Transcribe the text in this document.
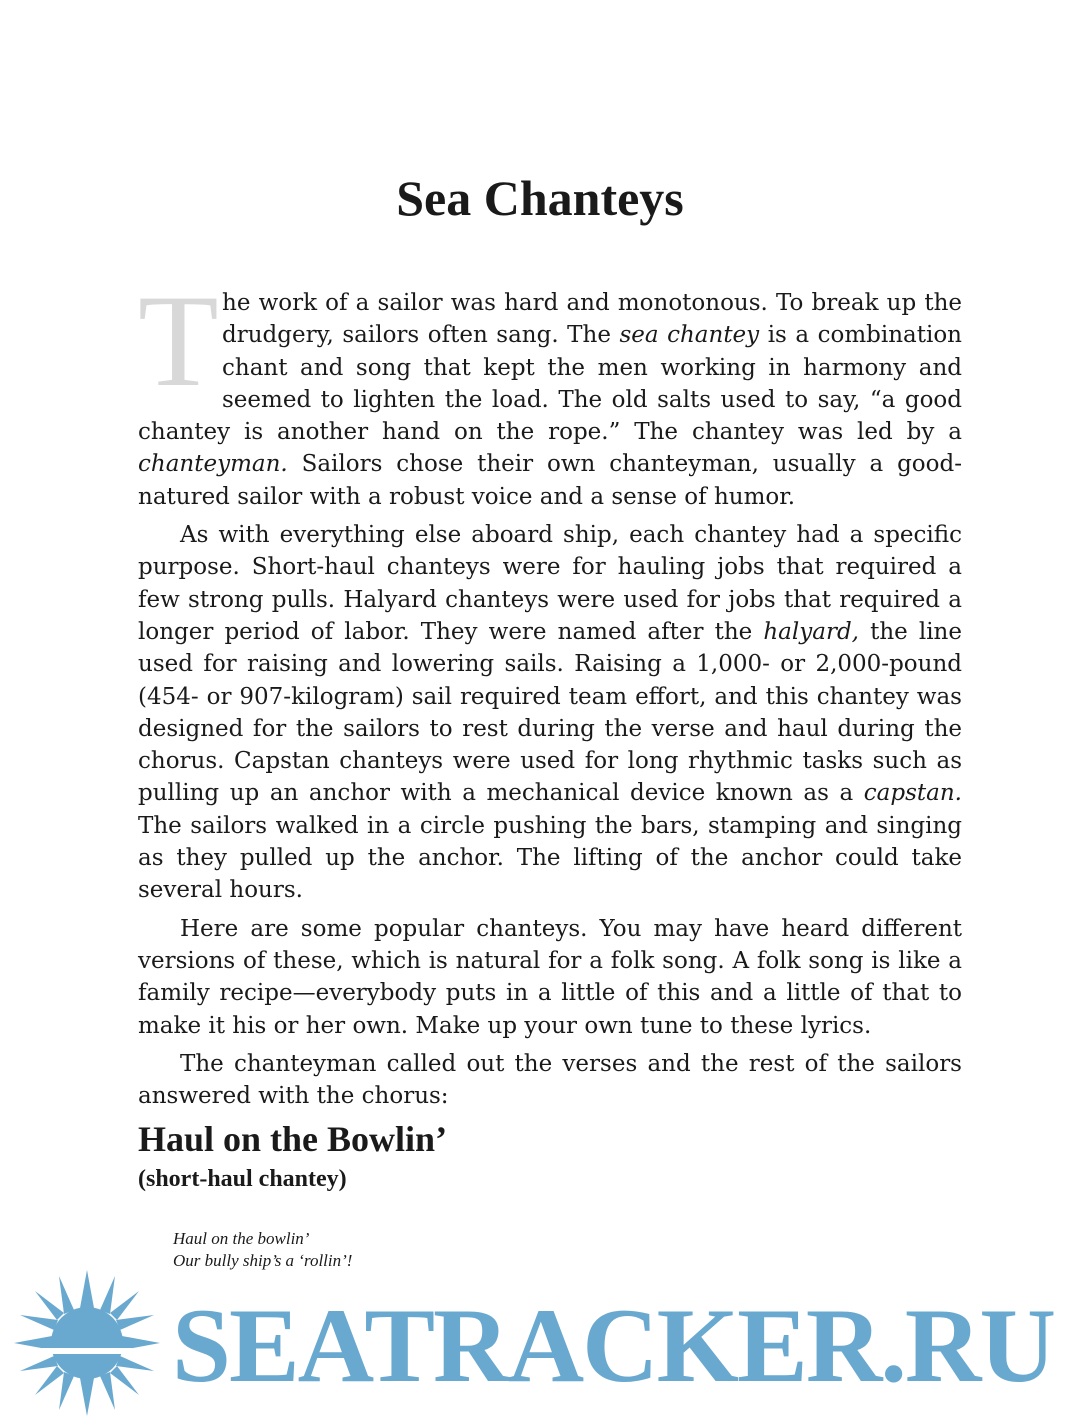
Sea Chanteys

The work of a sailor was hard and monotonous. To break up the drudgery, sailors often sang. The sea chantey is a combination chant and song that kept the men working in harmony and seemed to lighten the load. The old salts used to say, “a good chantey is another hand on the rope.” The chantey was led by a chanteyman. Sailors chose their own chanteyman, usually a good-natured sailor with a robust voice and a sense of humor.

As with everything else aboard ship, each chantey had a specific purpose. Short-haul chanteys were for hauling jobs that required a few strong pulls. Halyard chanteys were used for jobs that required a longer period of labor. They were named after the halyard, the line used for raising and lowering sails. Raising a 1,000- or 2,000-pound (454- or 907-kilogram) sail required team effort, and this chantey was designed for the sailors to rest during the verse and haul during the chorus. Capstan chanteys were used for long rhythmic tasks such as pulling up an anchor with a mechanical device known as a capstan. The sailors walked in a circle pushing the bars, stamping and singing as they pulled up the anchor. The lifting of the anchor could take several hours.

Here are some popular chanteys. You may have heard different versions of these, which is natural for a folk song. A folk song is like a family recipe—everybody puts in a little of this and a little of that to make it his or her own. Make up your own tune to these lyrics.

The chanteyman called out the verses and the rest of the sailors answered with the chorus:

Haul on the Bowlin’
(short-haul chantey)
Haul on the bowlin’
Our bully ship’s a ‘rollin’!
SEATRACKER.RU
